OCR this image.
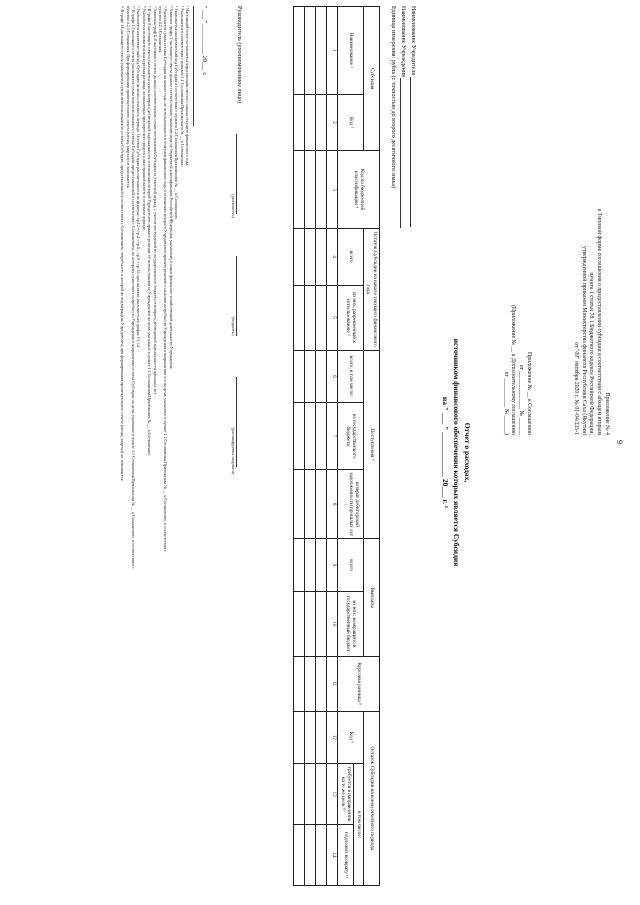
9
Приложение № 4
к Типовой форме соглашения о предоставлении субсидии в соответствии с абзацем вторым
пункта 1 статьи 78.1 Бюджетного кодекса Российской Федерации,
утвержденной приказом Министерства финансов Республики Саха (Якутия)
от "09" октября 2020 г. № 01-04/335-1
Приложение № __ к Соглашению
от _____________ № ______
(Приложение № __ к Дополнительному соглашению
от __________ № ______)
Отчет о расходах,
источником финансового обеспечения которых является Субсидия
на " ___ " ____________ 20___ г. ¹
Наименование Учредителя
Наименование Учреждения
Единица измерения: рубль (с точностью до второго десятичного знака)
Субсидия		Код по бюджетной классификации ⁴	Остаток Субсидии на начало текущего финансового года		Поступления ⁶			Выплаты		Курсовая разница ⁸	Остаток Субсидии на конец отчетного периода		
Наименование ²	Код ³		всего	из них, разрешенный к использованию ⁵	всего, в том числе:	из государственного бюджета	возврат дебиторской задолженности прошлых лет ⁷	всего	из них: возвращено в государственный бюджет		Код ⁹	в том числе:	
												требуется в направлении на те же цели ¹⁰	подлежит возврату ¹¹
1	2	3	4	5	6	7	8	9	10	11	12	13	14

Руководитель (уполномоченное лицо)
(должность)
(подпись)
(расшифровка подписи)
" ___ " __________ 20___ г.
¹ Настоящий отчет составляется нарастающим итогом с начала текущего финансового года.
² Указывается в соответствии с пунктом 1.1 Соглашения/Приложением № __ к Соглашению.
³ Указывается аналитический код Субсидии в соответствии с пунктом 1.2 Соглашения/Приложением № __ к Соглашению.
⁴ Значение графы 3 настоящего отчета должно соответствовать значению кода по бюджетной классификации Российской Федерации, указанному в плане финансово-хозяйственной деятельности Учреждения.
⁵ Указывается сумма остатка Субсидии на начало года, не использованного в отчетном финансовом году, в отношении которого Учредителем принято решение о наличии потребности Учреждения в направлении его на цели, указанные в пункте 1.1 Соглашения/Приложении № __ к Соглашению, в соответствии с
пунктом 4.2.3 Соглашения.
⁶ Значения граф 6–8 настоящего отчета должны соответствовать сумме поступлений Субсидии за отчетный период, с учетом поступлений из государственного бюджета и возврата дебиторской задолженности прошлых лет.
⁷ В графе 8 настоящего отчета указывается сумма возврата дебиторской задолженности, в отношении которой Учредителем принято решение об использовании ее Учреждением на цели, указанные в пункте 1.1 Соглашения/Приложении № __ к Соглашению.
⁸ Указывается положительная курсовая разница, возникающая при пересчете средств в иностранной валюте в отчетном периоде.
⁹ Указывается аналитический код Субсидии на конец отчетного периода. Остаток Субсидии рассчитывается по формуле: гр.12 = гр.4 + гр.6 – гр.9 + гр.11; при наличии указывается в графах 13, 14.
¹⁰ В графе 13 настоящего отчета указывается сумма неиспользованного остатка Субсидии, предоставленной в соответствии с Соглашением, по которому существует потребность Учреждения в направлении остатка Субсидии на цели, указанные в пункте 1.1 Соглашения/Приложении № __ к Соглашению, в соответствии с
пунктом 4.2.3 Соглашения. При формировании промежуточного отчета (месяц, квартал) не заполняется.
¹¹ В графе 14 настоящего отчета указывается сумма неиспользованного остатка Субсидии, предоставленной в соответствии с Соглашением, потребность в которой не подтверждена Учредителем; при формировании промежуточного отчета (месяц, квартал) не заполняется.
